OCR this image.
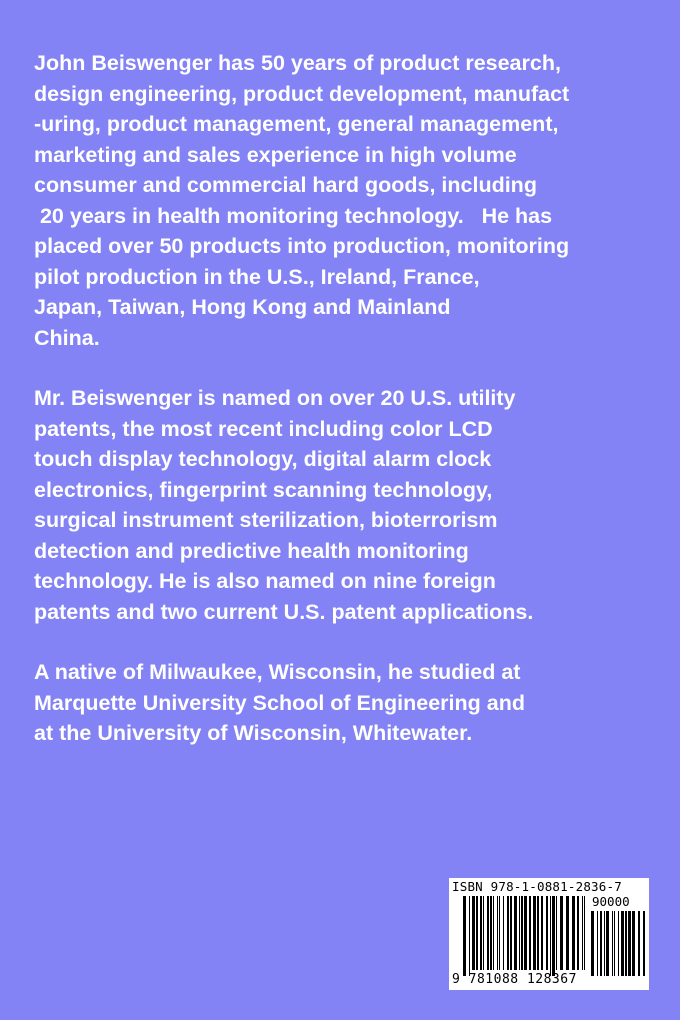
John Beiswenger has 50 years of product research,
design engineering, product development, manufact
-uring, product management, general management,
marketing and sales experience in high volume
consumer and commercial hard goods, including
20 years in health monitoring technology.   He has
placed over 50 products into production, monitoring
pilot production in the U.S., Ireland, France,
Japan, Taiwan, Hong Kong and Mainland
China.
Mr. Beiswenger is named on over 20 U.S. utility
patents, the most recent including color LCD
touch display technology, digital alarm clock
electronics, fingerprint scanning technology,
surgical instrument sterilization, bioterrorism
detection and predictive health monitoring
technology. He is also named on nine foreign
patents and two current U.S. patent applications.
A native of Milwaukee, Wisconsin, he studied at
Marquette University School of Engineering and
at the University of Wisconsin, Whitewater.
ISBN 978-1-0881-2836-7
90000
9 781088 128367
